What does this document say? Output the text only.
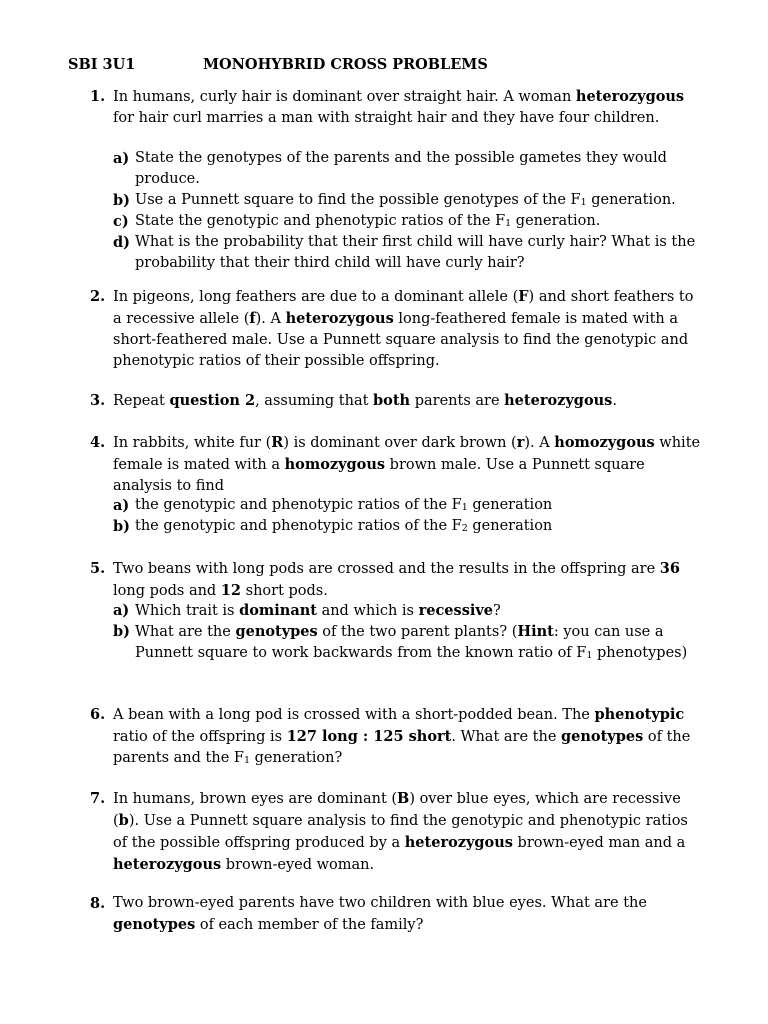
SBI 3U1	MONOHYBRID CROSS PROBLEMS
1. In humans, curly hair is dominant over straight hair. A woman heterozygous for hair curl marries a man with straight hair and they have four children.
a) State the genotypes of the parents and the possible gametes they would produce.
b) Use a Punnett square to find the possible genotypes of the $F_1$ generation.
c) State the genotypic and phenotypic ratios of the $F_1$ generation.
d) What is the probability that their first child will have curly hair? What is the probability that their third child will have curly hair?
2. In pigeons, long feathers are due to a dominant allele (F) and short feathers to a recessive allele (f). A heterozygous long-feathered female is mated with a short-feathered male. Use a Punnett square analysis to find the genotypic and phenotypic ratios of their possible offspring.
3. Repeat question 2, assuming that both parents are heterozygous.
4. In rabbits, white fur (R) is dominant over dark brown (r). A homozygous white female is mated with a homozygous brown male. Use a Punnett square analysis to find
a) the genotypic and phenotypic ratios of the $F_1$ generation
b) the genotypic and phenotypic ratios of the $F_2$ generation
5. Two beans with long pods are crossed and the results in the offspring are 36 long pods and 12 short pods.
a) Which trait is dominant and which is recessive?
b) What are the genotypes of the two parent plants? (Hint: you can use a Punnett square to work backwards from the known ratio of $F_1$ phenotypes)
6. A bean with a long pod is crossed with a short-podded bean. The phenotypic ratio of the offspring is 127 long : 125 short. What are the genotypes of the parents and the $F_1$ generation?
7. In humans, brown eyes are dominant (B) over blue eyes, which are recessive (b). Use a Punnett square analysis to find the genotypic and phenotypic ratios of the possible offspring produced by a heterozygous brown-eyed man and a heterozygous brown-eyed woman.
8. Two brown-eyed parents have two children with blue eyes. What are the genotypes of each member of the family?
